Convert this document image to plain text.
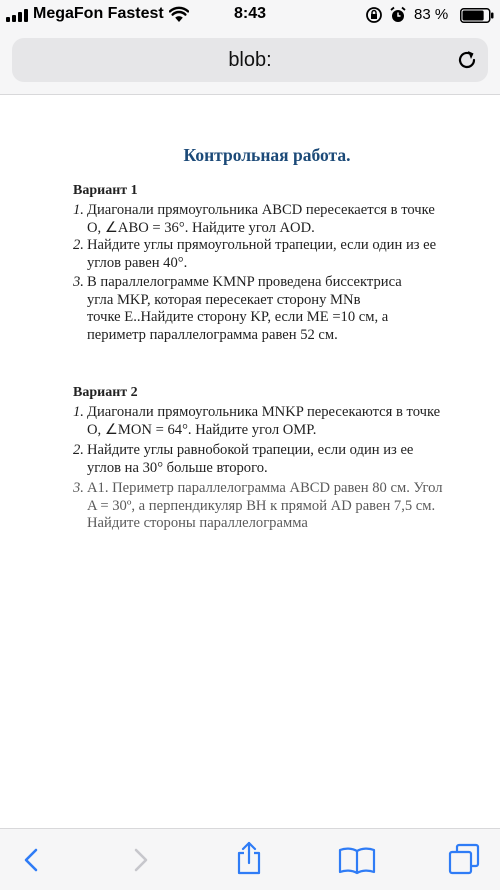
MegaFon Fastest	8:43	83 %
blob:
Контрольная работа.
Вариант 1
1. Диагонали прямоугольника ABCD пересекается в точке
O, ∠ABO = 36°. Найдите угол AOD.
2. Найдите углы прямоугольной трапеции, если один из ее
углов равен 40°.
3. В параллелограмме KMNP проведена биссектриса
угла MKP, которая пересекает сторону MNв
точке E..Найдите сторону KP, если ME =10 см, а
периметр параллелограмма равен 52 см.
Вариант 2
1. Диагонали прямоугольника MNKP пересекаются в точке
O, ∠MON = 64°. Найдите угол OMP.
2. Найдите углы равнобокой трапеции, если один из ее
углов на 30° больше второго.
3. A1. Периметр параллелограмма ABCD равен 80 см. Угол
A = 30º, а перпендикуляр BH к прямой AD равен 7,5 см.
Найдите стороны параллелограмма
